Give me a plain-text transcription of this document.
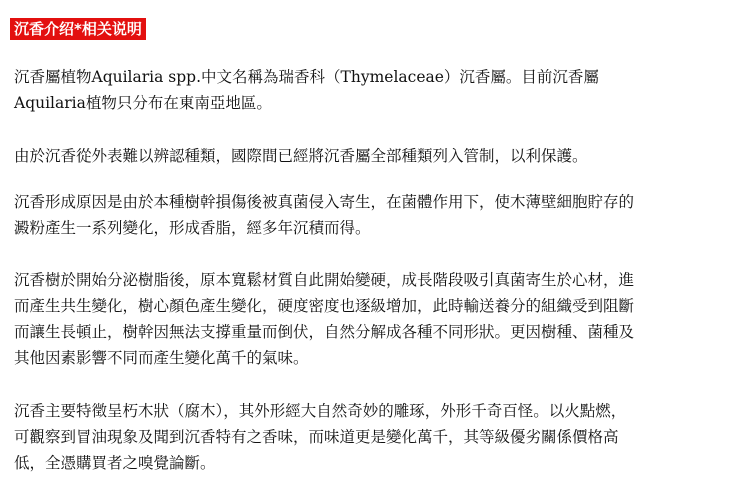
沉香介绍*相关说明

沉香屬植物Aquilaria spp.中文名稱為瑞香科（Thymelaceae）沉香屬。目前沉香屬
Aquilaria植物只分布在東南亞地區。

由於沉香從外表難以辨認種類，國際間已經將沉香屬全部種類列入管制，以利保護。

沉香形成原因是由於本種樹幹損傷後被真菌侵入寄生，在菌體作用下，使木薄壁細胞貯存的
澱粉產生一系列變化，形成香脂，經多年沉積而得。

沉香樹於開始分泌樹脂後，原本寬鬆材質自此開始變硬，成長階段吸引真菌寄生於心材，進
而產生共生變化，樹心顏色產生變化，硬度密度也逐級增加，此時輸送養分的組織受到阻斷
而讓生長頓止，樹幹因無法支撐重量而倒伏，自然分解成各種不同形狀。更因樹種、菌種及
其他因素影響不同而產生變化萬千的氣味。

沉香主要特徵呈朽木狀（腐木），其外形經大自然奇妙的雕琢，外形千奇百怪。以火點燃，
可觀察到冒油現象及聞到沉香特有之香味，而味道更是變化萬千，其等級優劣關係價格高
低，全憑購買者之嗅覺論斷。
